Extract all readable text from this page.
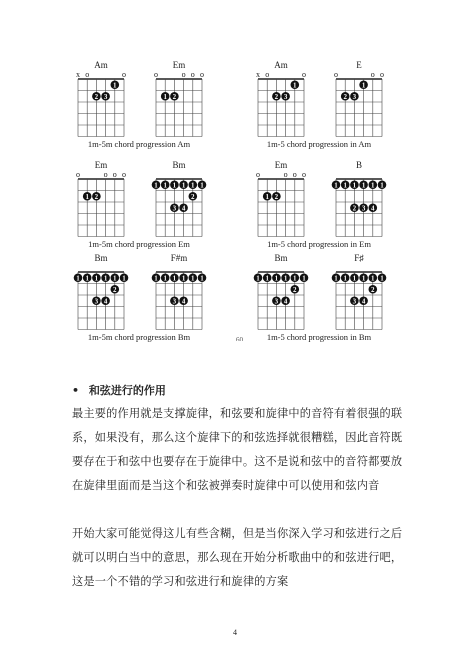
Am
x o	o
1
2 3
Em
o	o o o
1 2
1m-5m chord progression Am
Am
x o	o
1
2 3
E
o	o o
1
2 3
1m-5 chord progression in Am
Em
o	o o o
1 2
Bm
1 1 1 1 1 1
2
3 4
1m-5m chord progression Em
Em
o	o o o
1 2
B
1 1 1 1 1 1
2 3 4
1m-5 chord progression in Em
Bm
1 1 1 1 1 1
2
3 4
F#m
1 1 1 1 1 1
3 4
1m-5m chord progression Bm
Bm
1 1 1 1 1 1
2
3 4
F♯
1 1 1 1 1 1
2
3 4
1m-5 chord progression in Bm
60
• 和弦进行的作用
最主要的作用就是支撑旋律，和弦要和旋律中的音符有着很强的联系，如果没有，那么这个旋律下的和弦选择就很糟糕，因此音符既要存在于和弦中也要存在于旋律中。这不是说和弦中的音符都要放在旋律里面而是当这个和弦被弹奏时旋律中可以使用和弦内音
开始大家可能觉得这儿有些含糊，但是当你深入学习和弦进行之后就可以明白当中的意思，那么现在开始分析歌曲中的和弦进行吧，这是一个不错的学习和弦进行和旋律的方案
4
